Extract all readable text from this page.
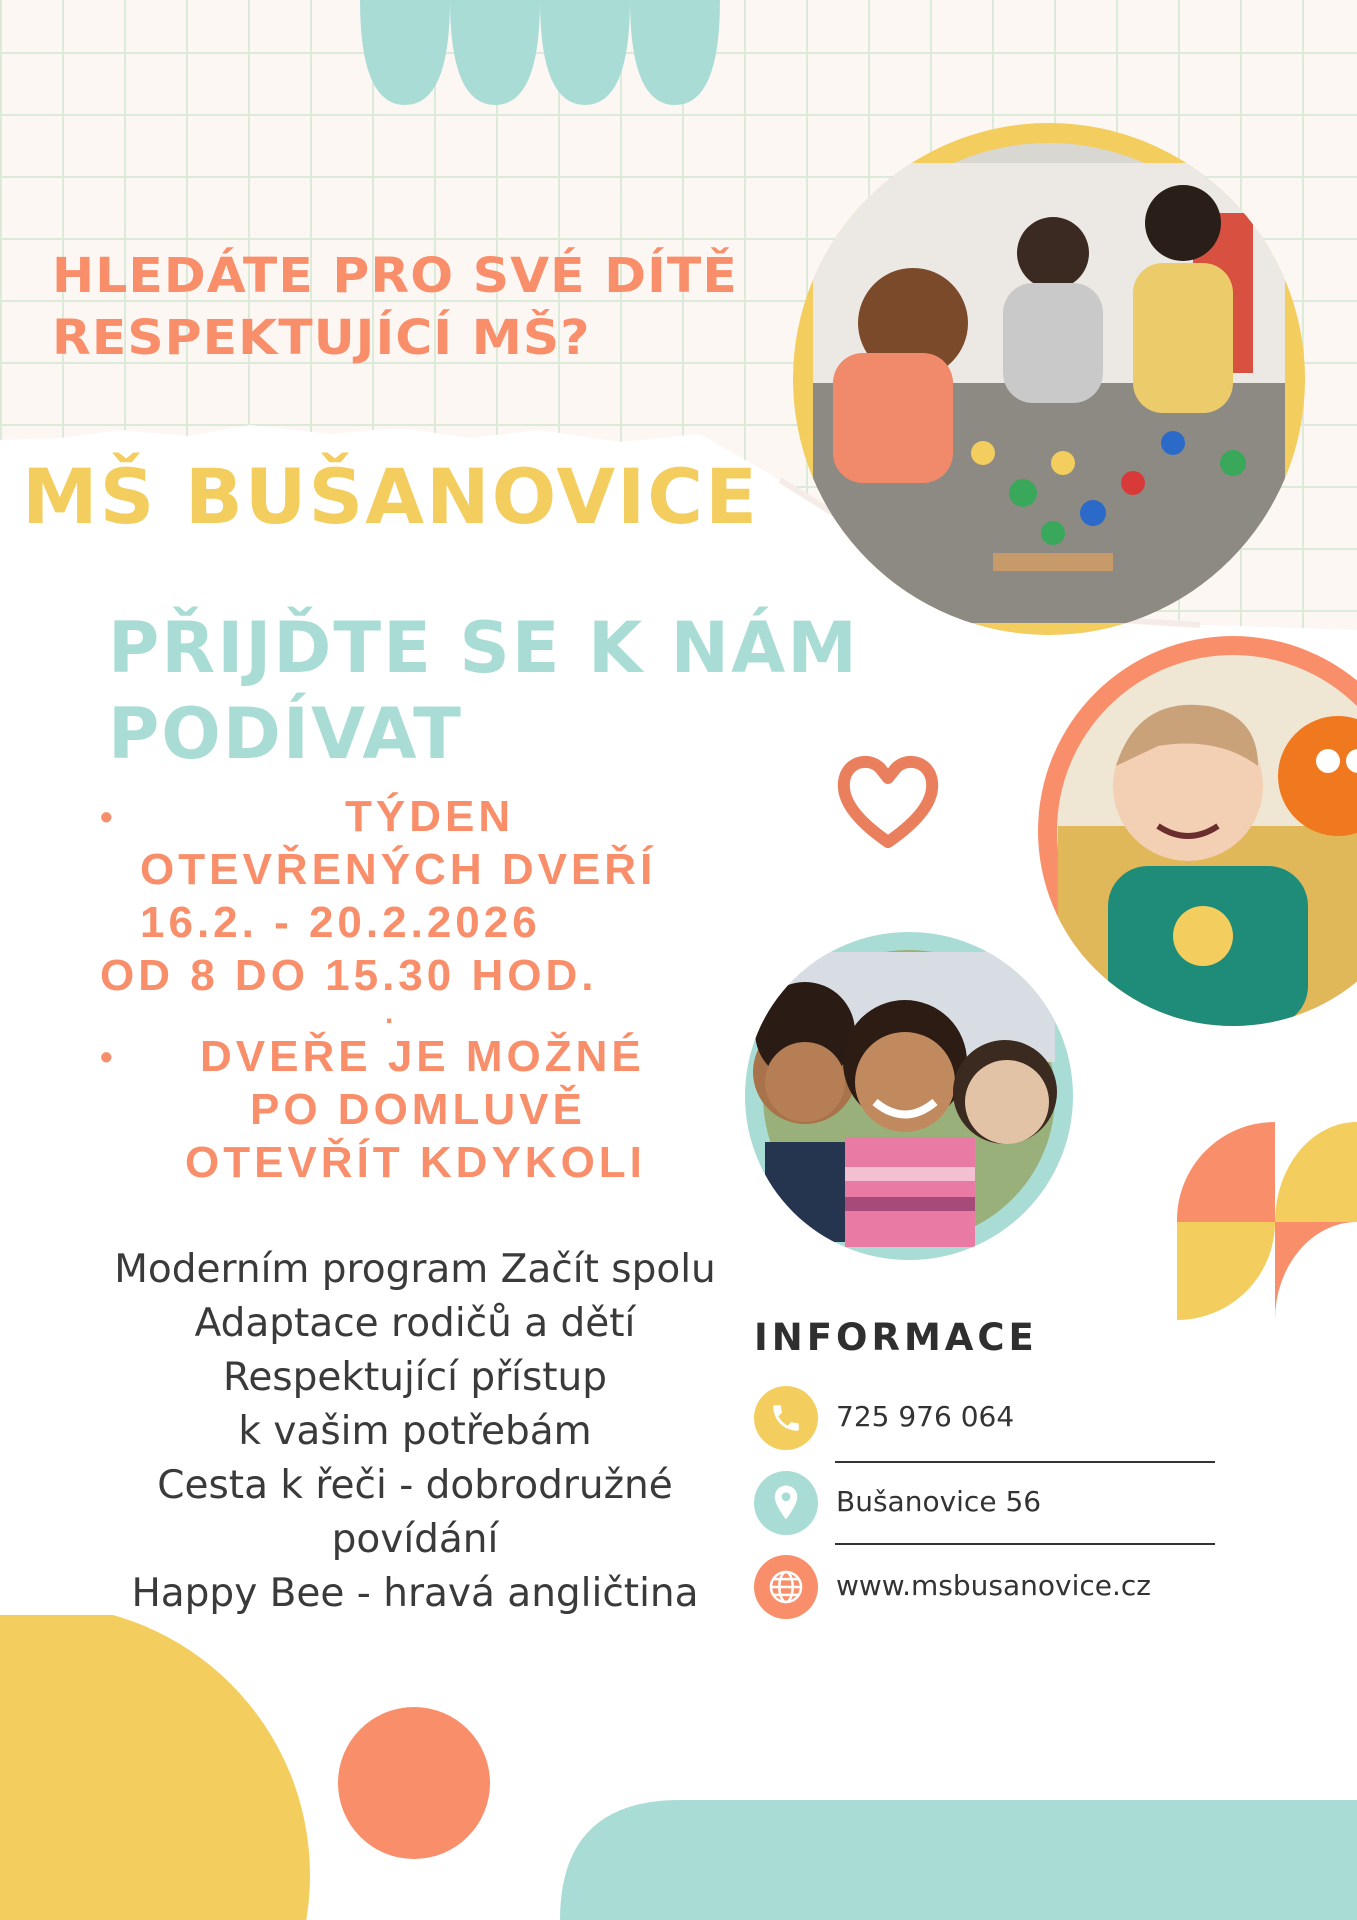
HLEDÁTE PRO SVÉ DÍTĚ
RESPEKTUJÍCÍ MŠ?
MŠ BUŠANOVICE
PŘIJĎTE SE K NÁM
PODÍVAT
•	TÝDEN
OTEVŘENÝCH DVEŘÍ
16.2. - 20.2.2026
OD 8 DO 15.30 HOD.
.
•	DVEŘE JE MOŽNÉ
PO DOMLUVĚ
OTEVŘÍT KDYKOLI
Moderním program Začít spolu
Adaptace rodičů a dětí
Respektující přístup
k vašim potřebám
Cesta k řeči - dobrodružné
povídání
Happy Bee - hravá angličtina
INFORMACE
725 976 064
Bušanovice 56
www.msbusanovice.cz
